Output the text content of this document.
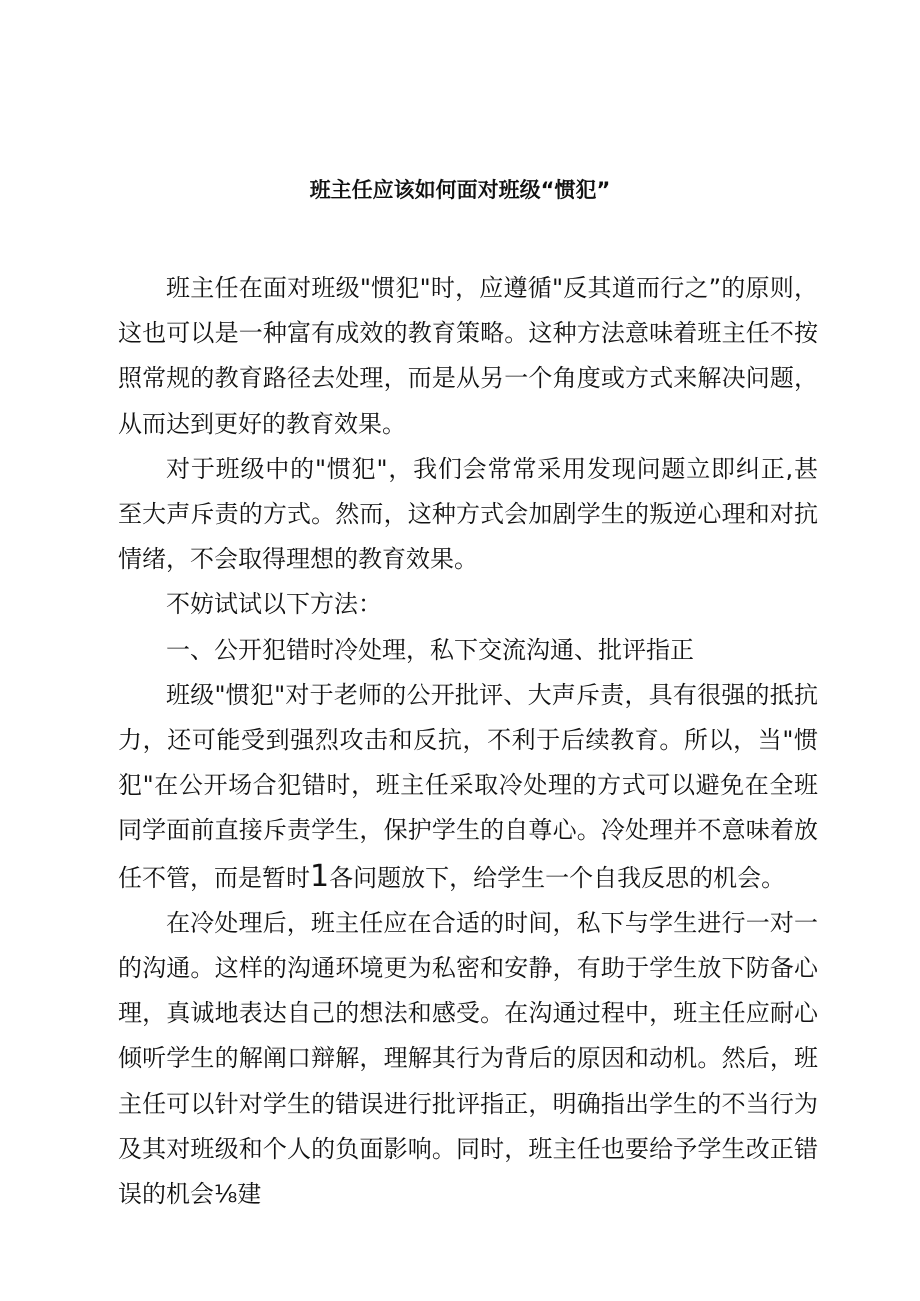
班主任应该如何面对班级“惯犯”

班主任在面对班级"惯犯"时，应遵循"反其道而行之”的原则，这也可以是一种富有成效的教育策略。这种方法意味着班主任不按照常规的教育路径去处理，而是从另一个角度或方式来解决问题，从而达到更好的教育效果。

对于班级中的"惯犯"，我们会常常采用发现问题立即纠正,甚至大声斥责的方式。然而，这种方式会加剧学生的叛逆心理和对抗情绪，不会取得理想的教育效果。

不妨试试以下方法：

一、公开犯错时冷处理，私下交流沟通、批评指正

班级"惯犯"对于老师的公开批评、大声斥责，具有很强的抵抗力，还可能受到强烈攻击和反抗，不利于后续教育。所以，当"惯犯"在公开场合犯错时，班主任采取冷处理的方式可以避免在全班同学面前直接斥责学生，保护学生的自尊心。冷处理并不意味着放任不管，而是暂时1各问题放下，给学生一个自我反思的机会。

在冷处理后，班主任应在合适的时间，私下与学生进行一对一的沟通。这样的沟通环境更为私密和安静，有助于学生放下防备心理，真诚地表达自己的想法和感受。在沟通过程中，班主任应耐心倾听学生的解阐口辩解，理解其行为背后的原因和动机。然后，班主任可以针对学生的错误进行批评指正，明确指出学生的不当行为及其对班级和个人的负面影响。同时，班主任也要给予学生改正错误的机会⅛建
